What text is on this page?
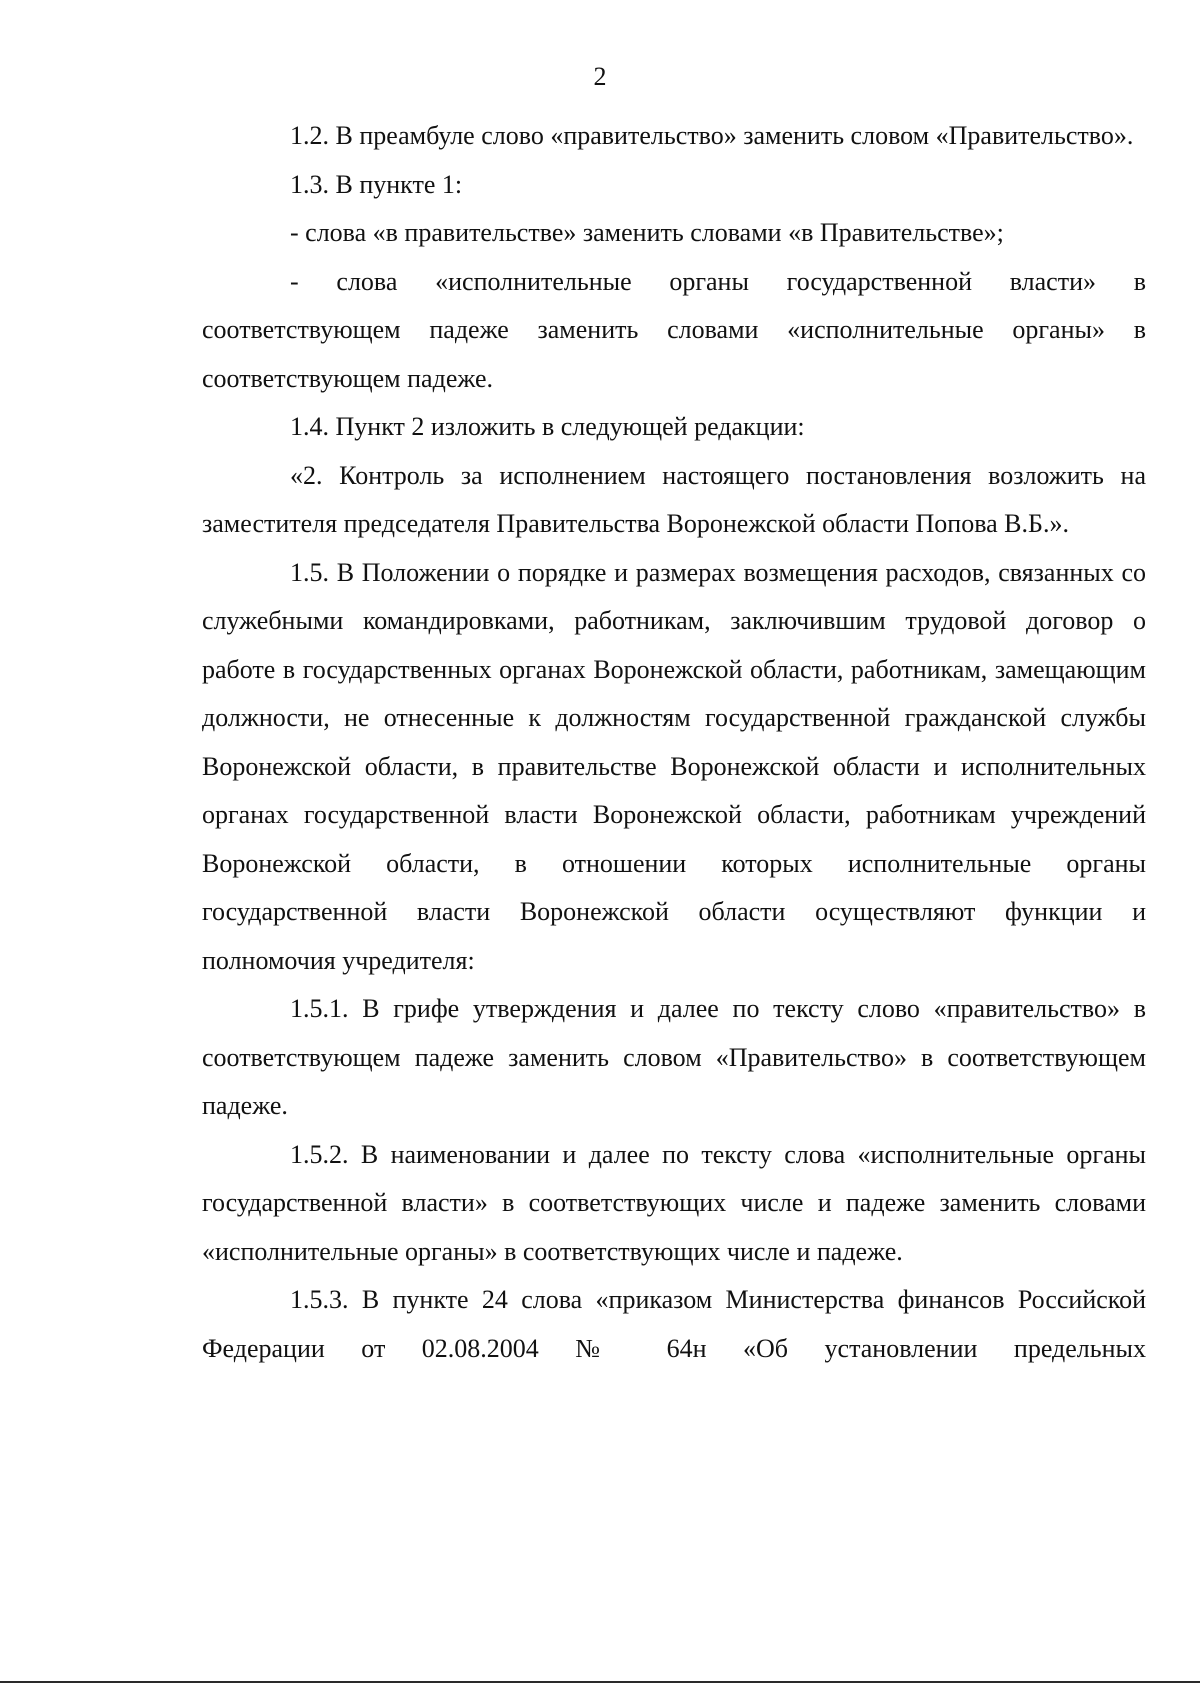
2

1.2. В преамбуле слово «правительство» заменить словом «Правительство».

1.3. В пункте 1:

- слова «в правительстве» заменить словами «в Правительстве»;

- слова «исполнительные органы государственной власти» в соответствующем падеже заменить словами «исполнительные органы» в соответствующем падеже.

1.4. Пункт 2 изложить в следующей редакции:

«2. Контроль за исполнением настоящего постановления возложить на заместителя председателя Правительства Воронежской области Попова В.Б.».

1.5. В Положении о порядке и размерах возмещения расходов, связанных со служебными командировками, работникам, заключившим трудовой договор о работе в государственных органах Воронежской области, работникам, замещающим должности, не отнесенные к должностям государственной гражданской службы Воронежской области, в правительстве Воронежской области и исполнительных органах государственной власти Воронежской области, работникам учреждений Воронежской области, в отношении которых исполнительные органы государственной власти Воронежской области осуществляют функции и полномочия учредителя:

1.5.1. В грифе утверждения и далее по тексту слово «правительство» в соответствующем падеже заменить словом «Правительство» в соответствующем падеже.

1.5.2. В наименовании и далее по тексту слова «исполнительные органы государственной власти» в соответствующих числе и падеже заменить словами «исполнительные органы» в соответствующих числе и падеже.

1.5.3. В пункте 24 слова «приказом Министерства финансов Российской Федерации от 02.08.2004 № 64н «Об установлении предельных
